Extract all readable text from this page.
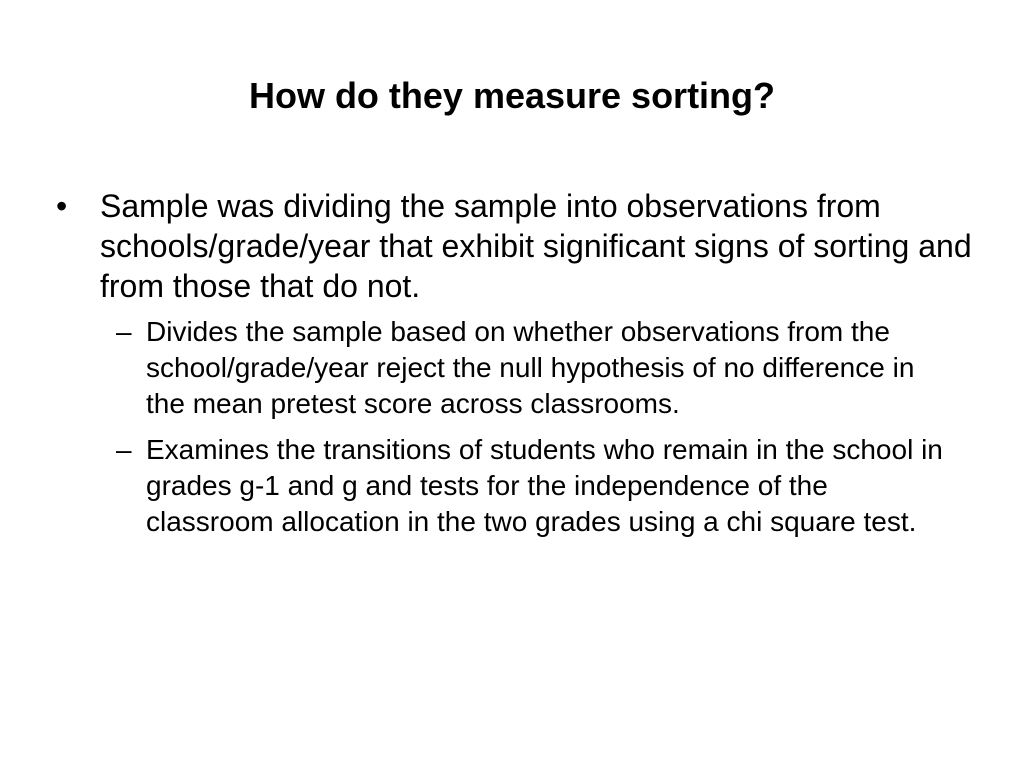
How do they measure sorting?
•	Sample was dividing the sample into observations from schools/grade/year that exhibit significant signs of sorting and from those that do not.
– Divides the sample based on whether observations from the school/grade/year reject the null hypothesis of no difference in the mean pretest score across classrooms.
– Examines the transitions of students who remain in the school in grades g-1 and g and tests for the independence of the classroom allocation in the two grades using a chi square test.
